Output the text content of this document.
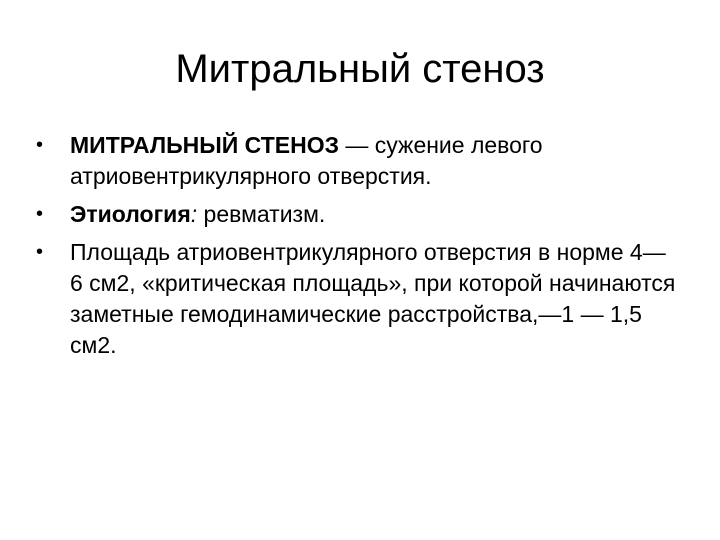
Митральный стеноз
•	МИТРАЛЬНЫЙ СТЕНОЗ — сужение левого атриовентрикулярного отверстия.
•	Этиология: ревматизм.
•	Площадь атриовентрикулярного отверстия в норме 4—6 см2, «критическая площадь», при которой начинаются заметные гемодинамические расстройства,—1 — 1,5 см2.
